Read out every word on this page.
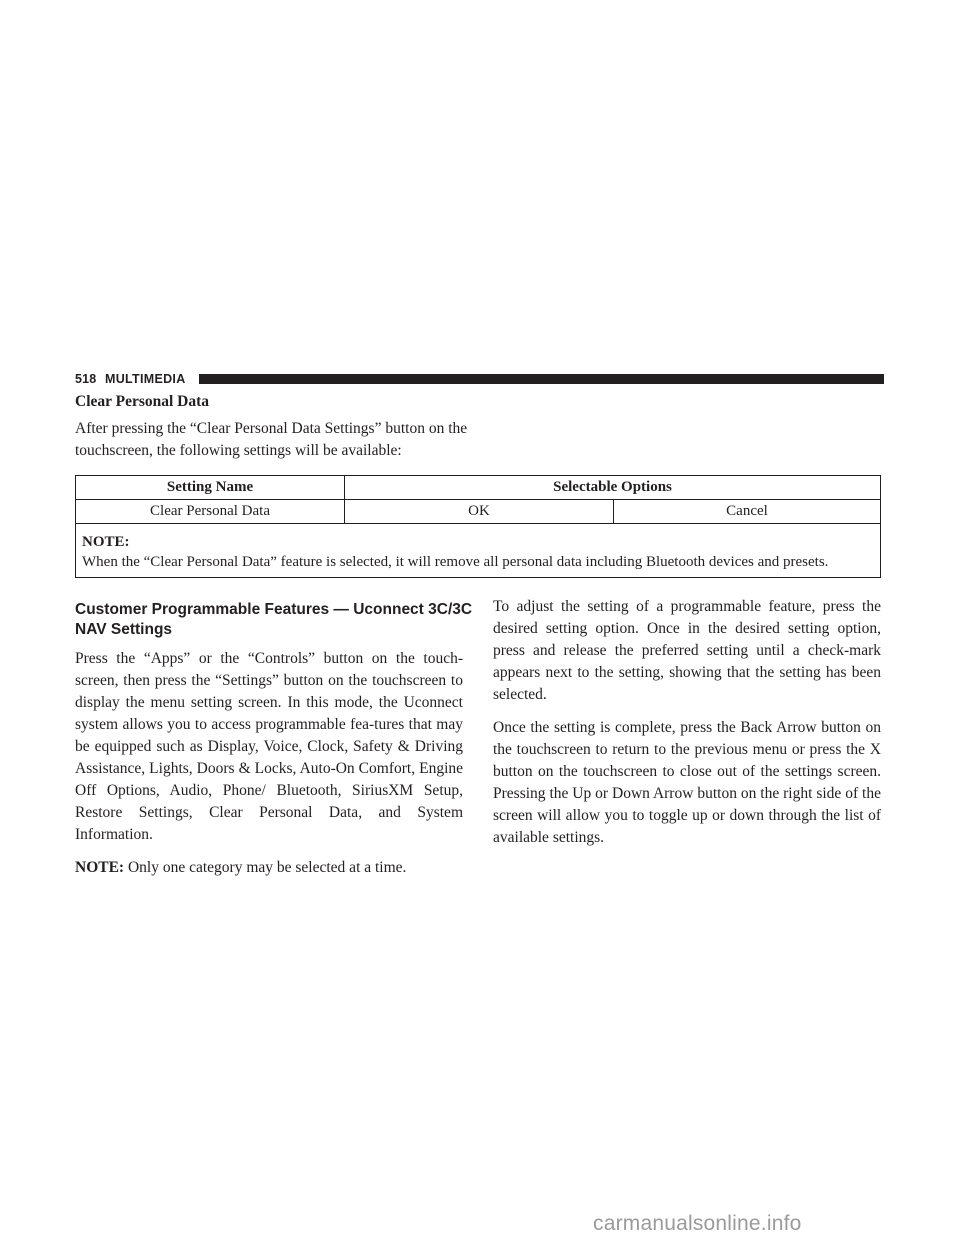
518 MULTIMEDIA
Clear Personal Data
After pressing the “Clear Personal Data Settings” button on the touchscreen, the following settings will be available:
Setting Name	Selectable Options	
Clear Personal Data	OK	Cancel

NOTE:
When the “Clear Personal Data” feature is selected, it will remove all personal data including Bluetooth devices and presets.		
Customer Programmable Features — Uconnect 3C/3C NAV Settings

Press the “Apps” or the “Controls” button on the touch-screen, then press the “Settings” button on the touchscreen to display the menu setting screen. In this mode, the Uconnect system allows you to access programmable fea-tures that may be equipped such as Display, Voice, Clock, Safety & Driving Assistance, Lights, Doors & Locks, Auto-On Comfort, Engine Off Options, Audio, Phone/ Bluetooth, SiriusXM Setup, Restore Settings, Clear Personal Data, and System Information.

NOTE: Only one category may be selected at a time.

To adjust the setting of a programmable feature, press the desired setting option. Once in the desired setting option, press and release the preferred setting until a check-mark appears next to the setting, showing that the setting has been selected.

Once the setting is complete, press the Back Arrow button on the touchscreen to return to the previous menu or press the X button on the touchscreen to close out of the settings screen. Pressing the Up or Down Arrow button on the right side of the screen will allow you to toggle up or down through the list of available settings.

carmanualsonline.info
